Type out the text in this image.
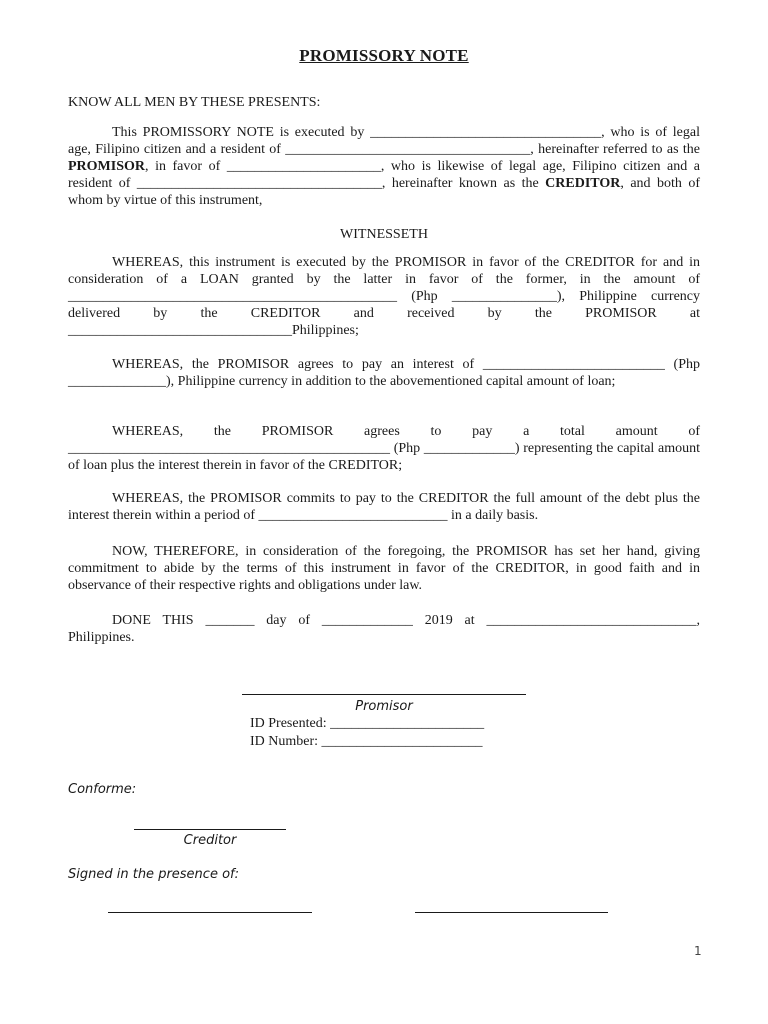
PROMISSORY NOTE
KNOW ALL MEN BY THESE PRESENTS:
This PROMISSORY NOTE is executed by _________________________________, who is of legal age, Filipino citizen and a resident of ___________________________________, hereinafter referred to as the PROMISOR, in favor of ______________________, who is likewise of legal age, Filipino citizen and a resident of ___________________________________, hereinafter known as the CREDITOR, and both of whom by virtue of this instrument,
WITNESSETH
WHEREAS, this instrument is executed by the PROMISOR in favor of the CREDITOR for and in consideration of a LOAN granted by the latter in favor of the former, in the amount of _______________________________________________ (Php _______________), Philippine currency delivered by the CREDITOR and received by the PROMISOR at ________________________________Philippines;
WHEREAS, the PROMISOR agrees to pay an interest of __________________________ (Php ______________), Philippine currency in addition to the abovementioned capital amount of loan;
WHEREAS, the PROMISOR agrees to pay a total amount of ______________________________________________ (Php _____________) representing the capital amount of loan plus the interest therein in favor of the CREDITOR;
WHEREAS, the PROMISOR commits to pay to the CREDITOR the full amount of the debt plus the interest therein within a period of ___________________________ in a daily basis.
NOW, THEREFORE, in consideration of the foregoing, the PROMISOR has set her hand, giving commitment to abide by the terms of this instrument in favor of the CREDITOR, in good faith and in observance of their respective rights and obligations under law.
DONE THIS _______ day of _____________ 2019 at ______________________________, Philippines.
Promisor
ID Presented: ______________________
ID Number: _______________________
Conforme:
Creditor
Signed in the presence of:
1
